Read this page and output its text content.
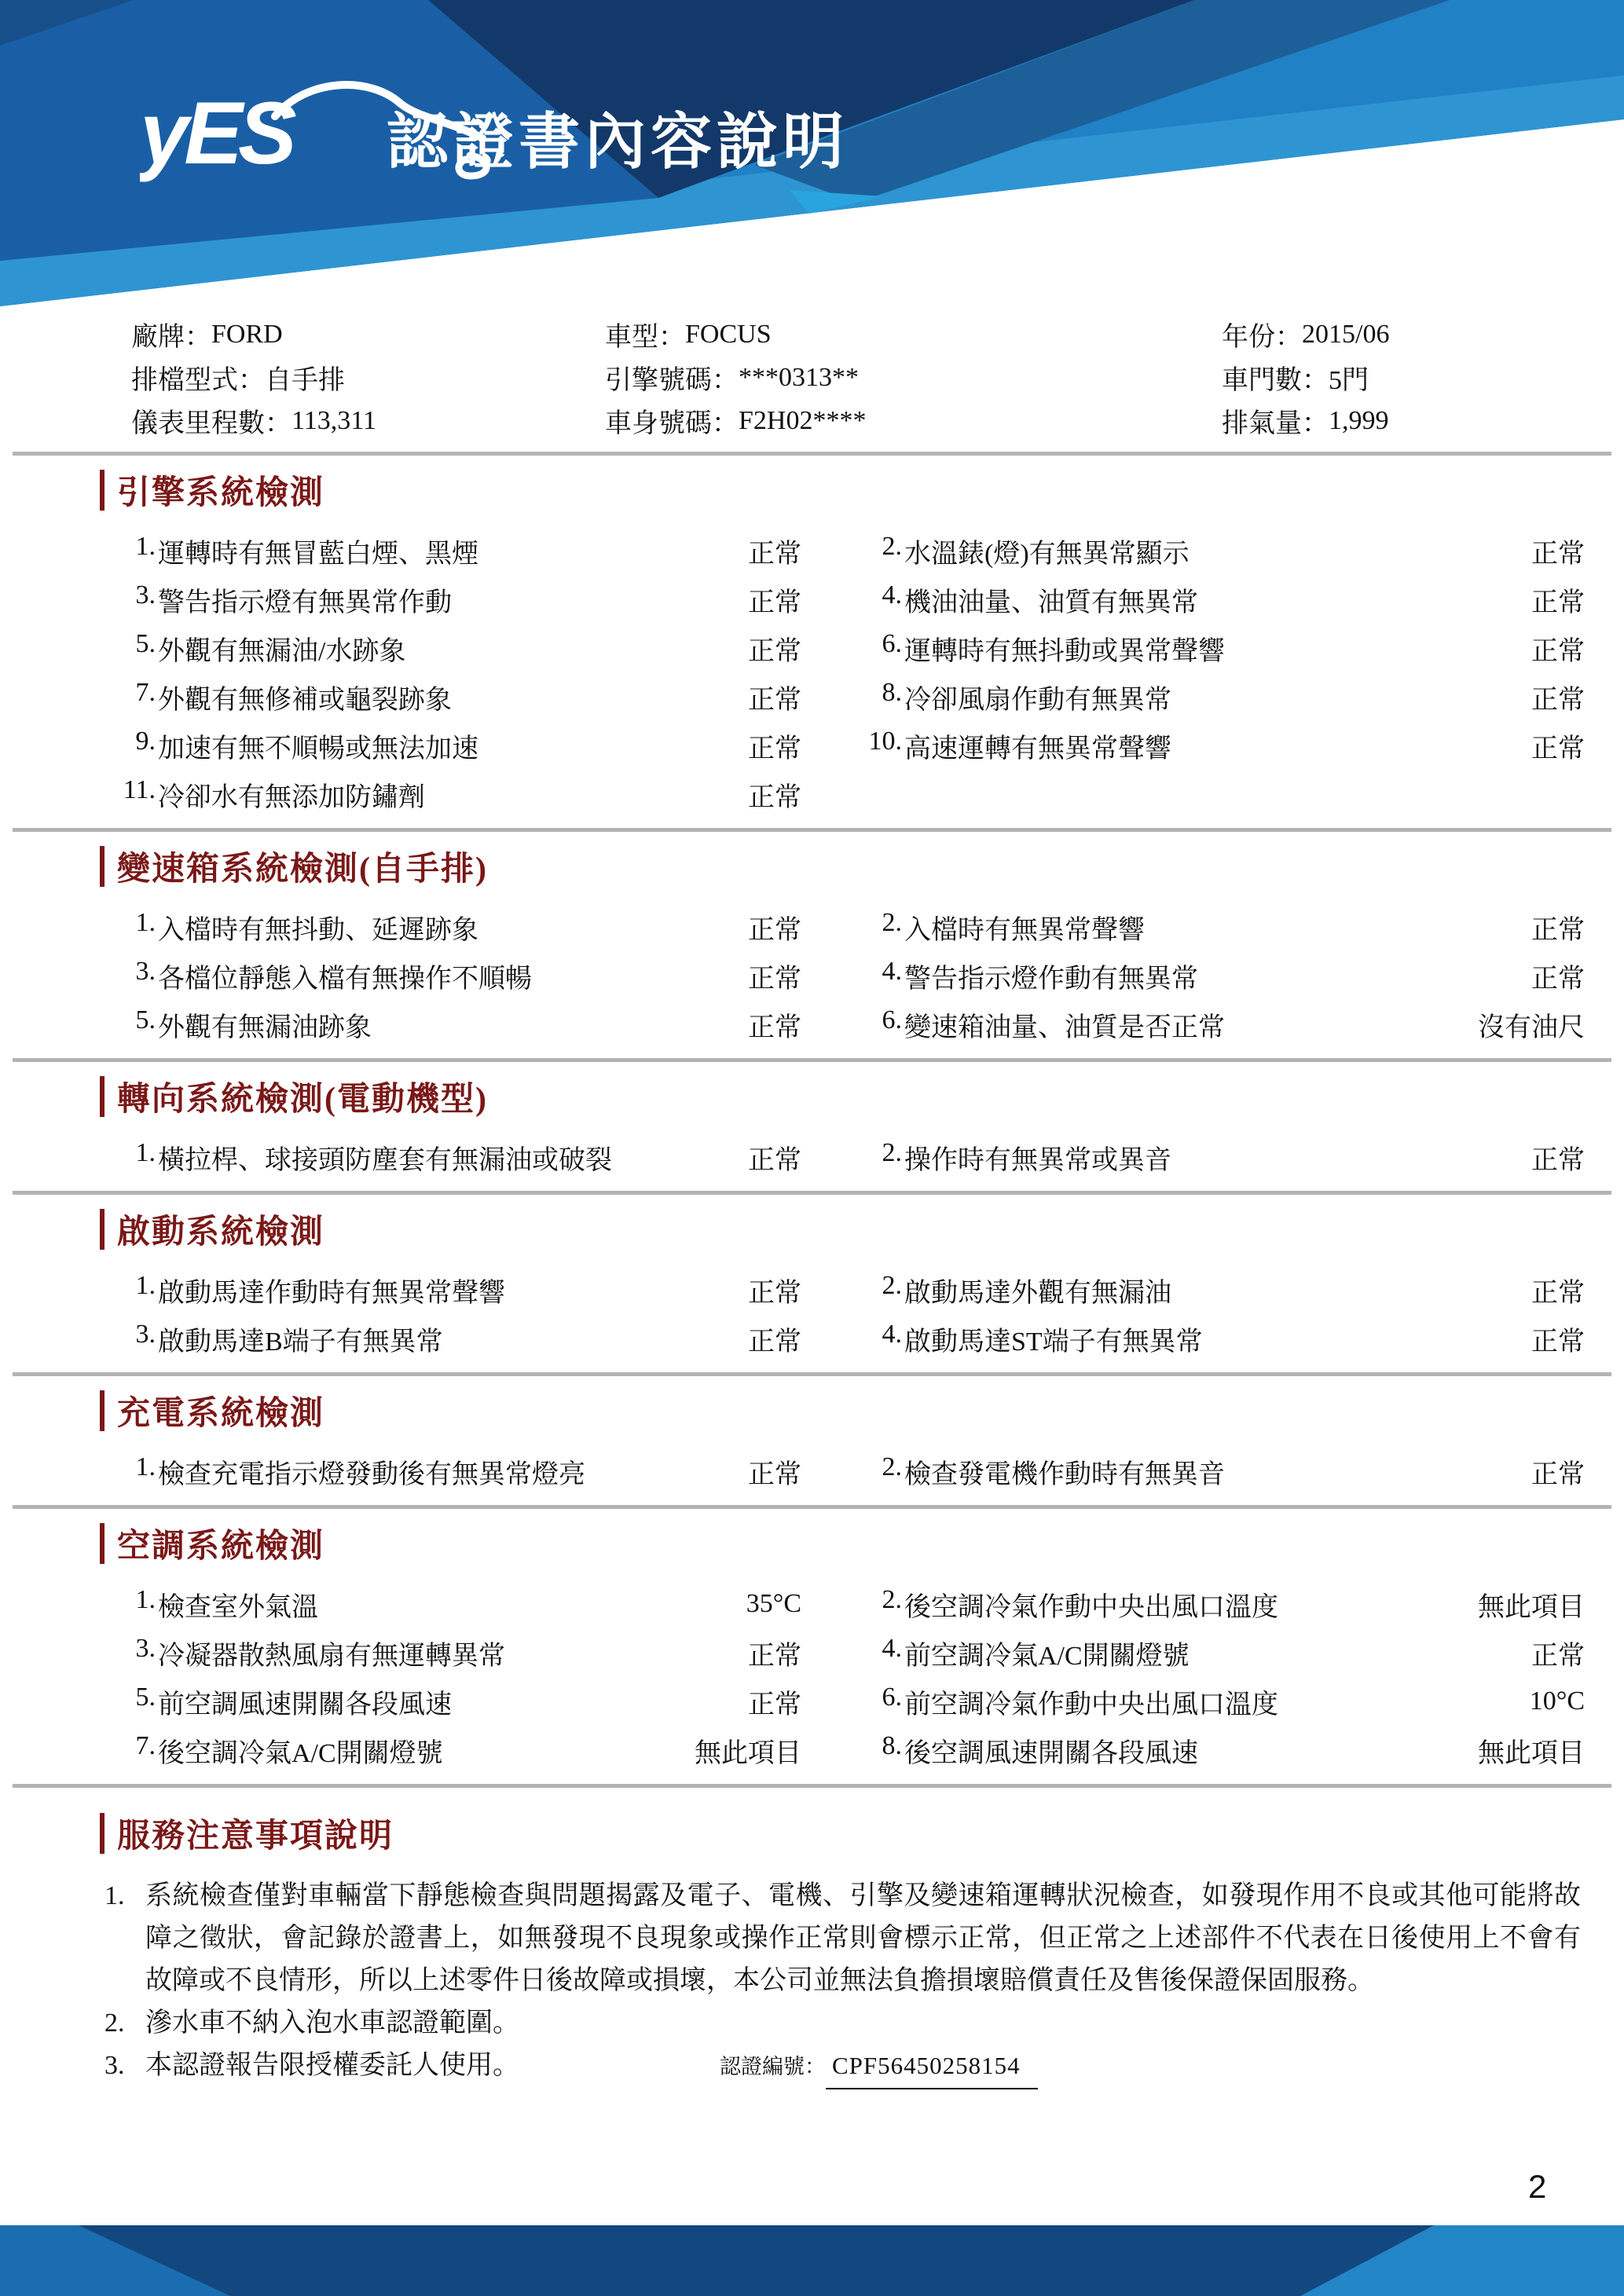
yES 認證書內容說明
廠牌： FORD	車型： FOCUS	年份： 2015/06
排檔型式： 自手排	引擎號碼： ***0313**	車門數： 5門
儀表里程數： 113,311	車身號碼： F2H02****	排氣量： 1,999
引擎系統檢測
1. 運轉時有無冒藍白煙、黑煙	正常	2. 水溫錶(燈)有無異常顯示	正常
3. 警告指示燈有無異常作動	正常	4. 機油油量、油質有無異常	正常
5. 外觀有無漏油/水跡象	正常	6. 運轉時有無抖動或異常聲響	正常
7. 外觀有無修補或龜裂跡象	正常	8. 冷卻風扇作動有無異常	正常
9. 加速有無不順暢或無法加速	正常	10. 高速運轉有無異常聲響	正常
11. 冷卻水有無添加防鏽劑	正常
變速箱系統檢測(自手排)
1. 入檔時有無抖動、延遲跡象	正常	2. 入檔時有無異常聲響	正常
3. 各檔位靜態入檔有無操作不順暢	正常	4. 警告指示燈作動有無異常	正常
5. 外觀有無漏油跡象	正常	6. 變速箱油量、油質是否正常	沒有油尺
轉向系統檢測(電動機型)
1. 橫拉桿、球接頭防塵套有無漏油或破裂	正常	2. 操作時有無異常或異音	正常
啟動系統檢測
1. 啟動馬達作動時有無異常聲響	正常	2. 啟動馬達外觀有無漏油	正常
3. 啟動馬達B端子有無異常	正常	4. 啟動馬達ST端子有無異常	正常
充電系統檢測
1. 檢查充電指示燈發動後有無異常燈亮	正常	2. 檢查發電機作動時有無異音	正常
空調系統檢測
1. 檢查室外氣溫	35°C	2. 後空調冷氣作動中央出風口溫度	無此項目
3. 冷凝器散熱風扇有無運轉異常	正常	4. 前空調冷氣A/C開關燈號	正常
5. 前空調風速開關各段風速	正常	6. 前空調冷氣作動中央出風口溫度	10°C
7. 後空調冷氣A/C開關燈號	無此項目	8. 後空調風速開關各段風速	無此項目
服務注意事項說明
1. 系統檢查僅對車輛當下靜態檢查與問題揭露及電子、電機、引擎及變速箱運轉狀況檢查，如發現作用不良或其他可能將故障之徵狀，會記錄於證書上，如無發現不良現象或操作正常則會標示正常，但正常之上述部件不代表在日後使用上不會有故障或不良情形，所以上述零件日後故障或損壞，本公司並無法負擔損壞賠償責任及售後保證保固服務。
2. 滲水車不納入泡水車認證範圍。
3. 本認證報告限授權委託人使用。	認證編號： CPF56450258154
2
